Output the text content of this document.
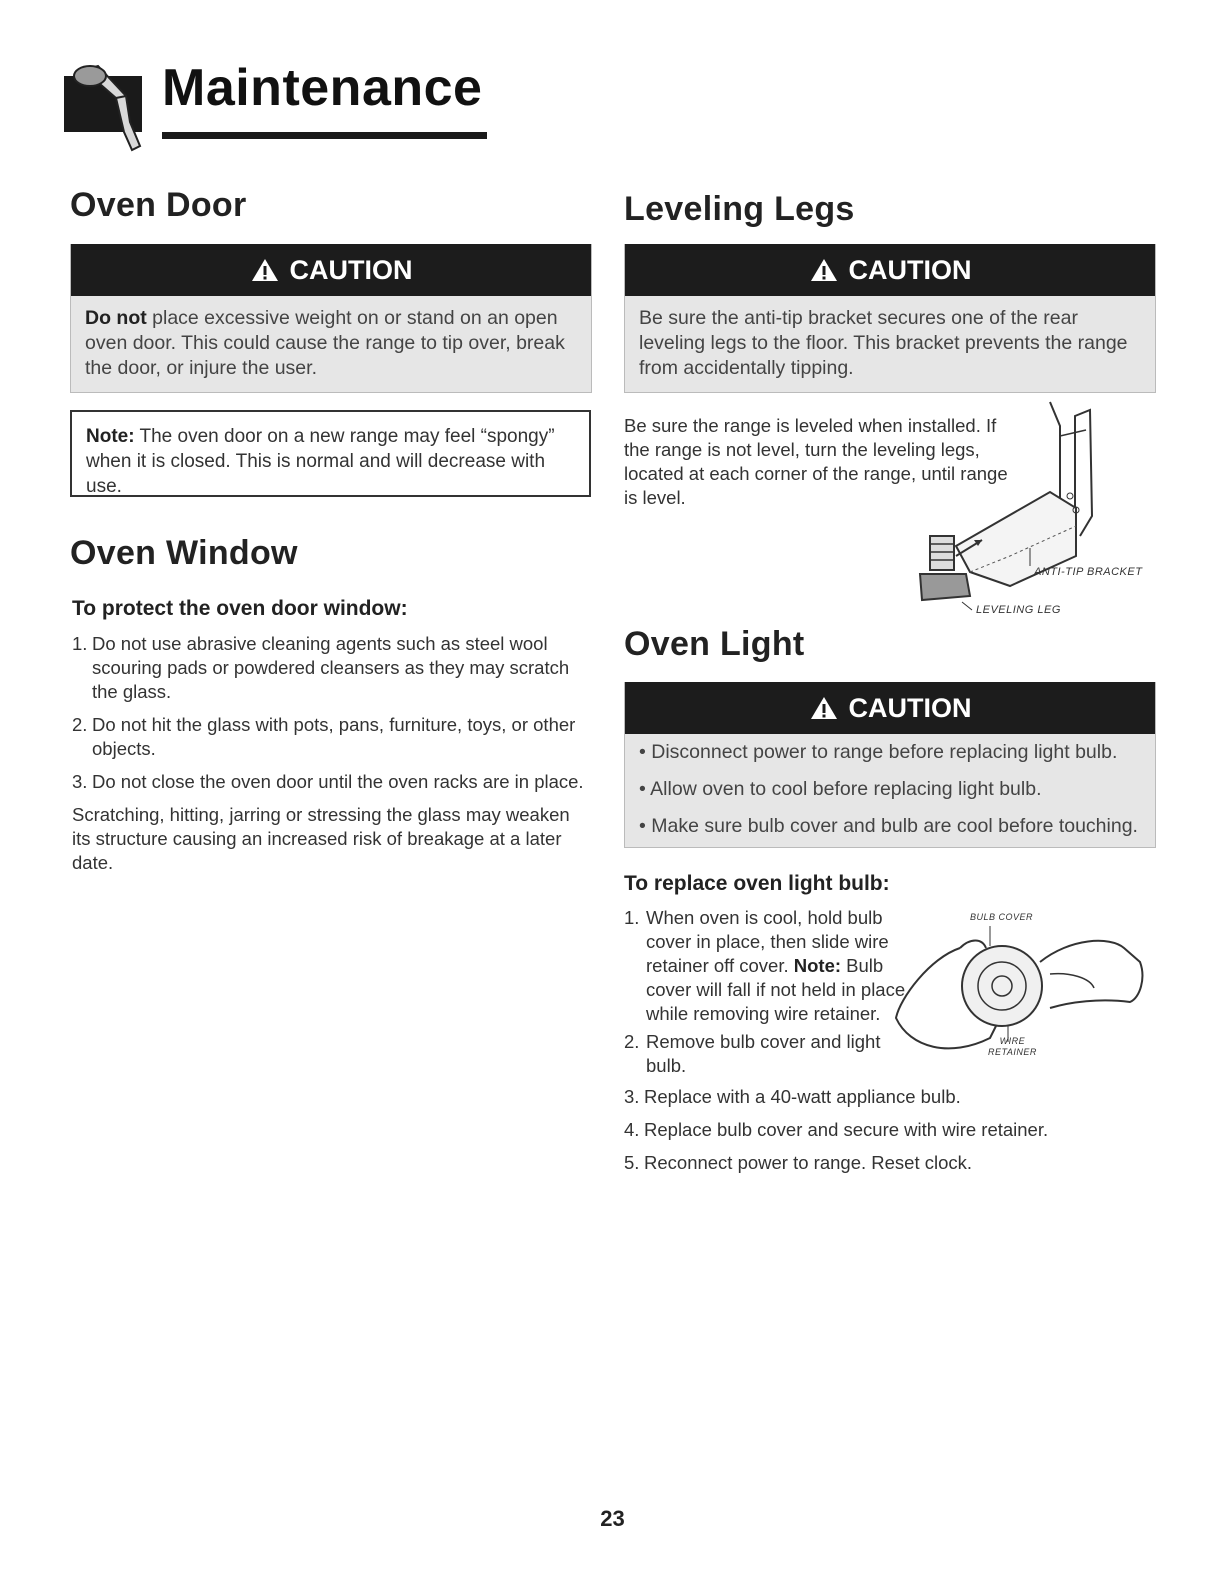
Maintenance
Oven Door
CAUTION
Do not place excessive weight on or stand on an open oven door. This could cause the range to tip over, break the door, or injure the user.
Note: The oven door on a new range may feel “spongy” when it is closed. This is normal and will decrease with use.
Oven Window
To protect the oven door window:
1. Do not use abrasive cleaning agents such as steel wool scouring pads or powdered cleansers as they may scratch the glass.
2. Do not hit the glass with pots, pans, furniture, toys, or other objects.
3. Do not close the oven door until the oven racks are in place.

Scratching, hitting, jarring or stressing the glass may weaken its structure causing an increased risk of breakage at a later date.

Leveling Legs
CAUTION
Be sure the anti-tip bracket secures one of the rear leveling legs to the floor. This bracket prevents the range from accidentally tipping.

Be sure the range is leveled when installed. If the range is not level, turn the leveling legs, located at each corner of the range, until range is level.

ANTI-TIP BRACKET
LEVELING LEG
Oven Light
CAUTION
• Disconnect power to range before replacing light bulb.
• Allow oven to cool before replacing light bulb.
• Make sure bulb cover and bulb are cool before touching.
To replace oven light bulb:
1. When oven is cool, hold bulb cover in place, then slide wire retainer off cover. Note: Bulb cover will fall if not held in place while removing wire retainer.
2. Remove bulb cover and light bulb.
3. Replace with a 40-watt appliance bulb.
4. Replace bulb cover and secure with wire retainer.
5. Reconnect power to range. Reset clock.
BULB COVER
WIRE
RETAINER
23
